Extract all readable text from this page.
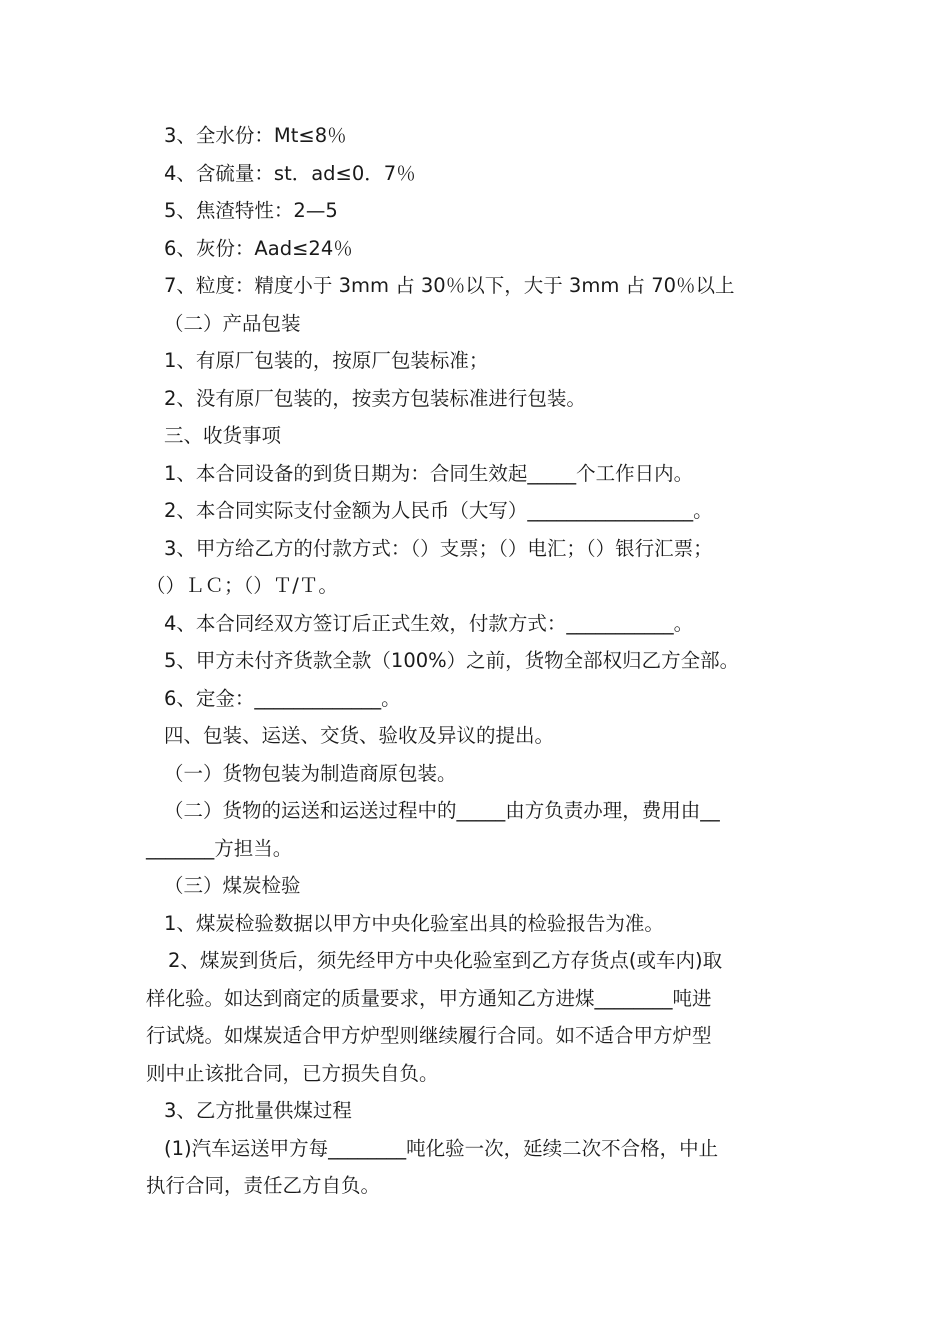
3、全水份：Mt≤8％
4、含硫量：st．ad≤0．7％
5、焦渣特性：2—5
6、灰份：Aad≤24％
7、粒度：精度小于 3mm 占 30％以下，大于 3mm 占 70％以上
（二）产品包装
1、有原厂包装的，按原厂包装标准；
2、没有原厂包装的，按卖方包装标准进行包装。
三、收货事项
1、本合同设备的到货日期为：合同生效起_____个工作日内。
2、本合同实际支付金额为人民币（大写）_________________。
3、甲方给乙方的付款方式：（）支票；（）电汇；（）银行汇票；
（）ＬＣ；（）Ｔ/Ｔ。
4、本合同经双方签订后正式生效，付款方式：___________。
5、甲方未付齐货款全款（100%）之前，货物全部权归乙方全部。
6、定金：_____________。
四、包装、运送、交货、验收及异议的提出。
（一）货物包装为制造商原包装。
（二）货物的运送和运送过程中的_____由方负责办理，费用由__
_______方担当。
（三）煤炭检验
1、煤炭检验数据以甲方中央化验室出具的检验报告为准。
2、煤炭到货后，须先经甲方中央化验室到乙方存货点(或车内)取
样化验。如达到商定的质量要求，甲方通知乙方进煤________吨进
行试烧。如煤炭适合甲方炉型则继续履行合同。如不适合甲方炉型
则中止该批合同，已方损失自负。
3、乙方批量供煤过程
(1)汽车运送甲方每________吨化验一次，延续二次不合格，中止
执行合同，责任乙方自负。
